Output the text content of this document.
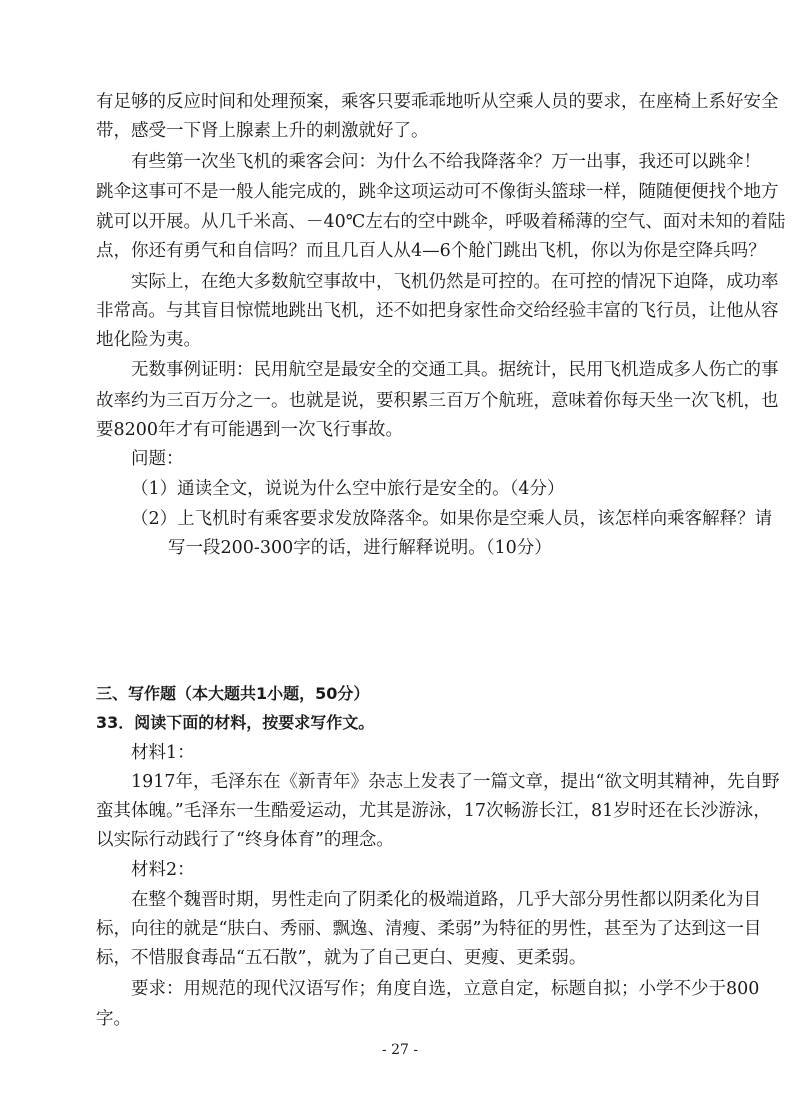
有足够的反应时间和处理预案，乘客只要乖乖地听从空乘人员的要求，在座椅上系好安全
带，感受一下肾上腺素上升的刺激就好了。
有些第一次坐飞机的乘客会问：为什么不给我降落伞？万一出事，我还可以跳伞！
跳伞这事可不是一般人能完成的，跳伞这项运动可不像街头篮球一样，随随便便找个地方
就可以开展。从几千米高、－40℃左右的空中跳伞，呼吸着稀薄的空气、面对未知的着陆
点，你还有勇气和自信吗？而且几百人从4—6个舱门跳出飞机，你以为你是空降兵吗？
实际上，在绝大多数航空事故中，飞机仍然是可控的。在可控的情况下迫降，成功率
非常高。与其盲目惊慌地跳出飞机，还不如把身家性命交给经验丰富的飞行员，让他从容
地化险为夷。
无数事例证明：民用航空是最安全的交通工具。据统计，民用飞机造成多人伤亡的事
故率约为三百万分之一。也就是说，要积累三百万个航班，意味着你每天坐一次飞机，也
要8200年才有可能遇到一次飞行事故。
问题：
（1）通读全文，说说为什么空中旅行是安全的。（4分）
（2）上飞机时有乘客要求发放降落伞。如果你是空乘人员，该怎样向乘客解释？请
写一段200-300字的话，进行解释说明。（10分）
三、写作题（本大题共1小题，50分）
33．阅读下面的材料，按要求写作文。
材料1：
1917年，毛泽东在《新青年》杂志上发表了一篇文章，提出“欲文明其精神，先自野
蛮其体魄。”毛泽东一生酷爱运动，尤其是游泳，17次畅游长江，81岁时还在长沙游泳，
以实际行动践行了“终身体育”的理念。
材料2：
在整个魏晋时期，男性走向了阴柔化的极端道路，几乎大部分男性都以阴柔化为目
标，向往的就是“肤白、秀丽、飘逸、清瘦、柔弱”为特征的男性，甚至为了达到这一目
标，不惜服食毒品“五石散”，就为了自己更白、更瘦、更柔弱。
要求：用规范的现代汉语写作；角度自选，立意自定，标题自拟；小学不少于800
字。
- 27 -
